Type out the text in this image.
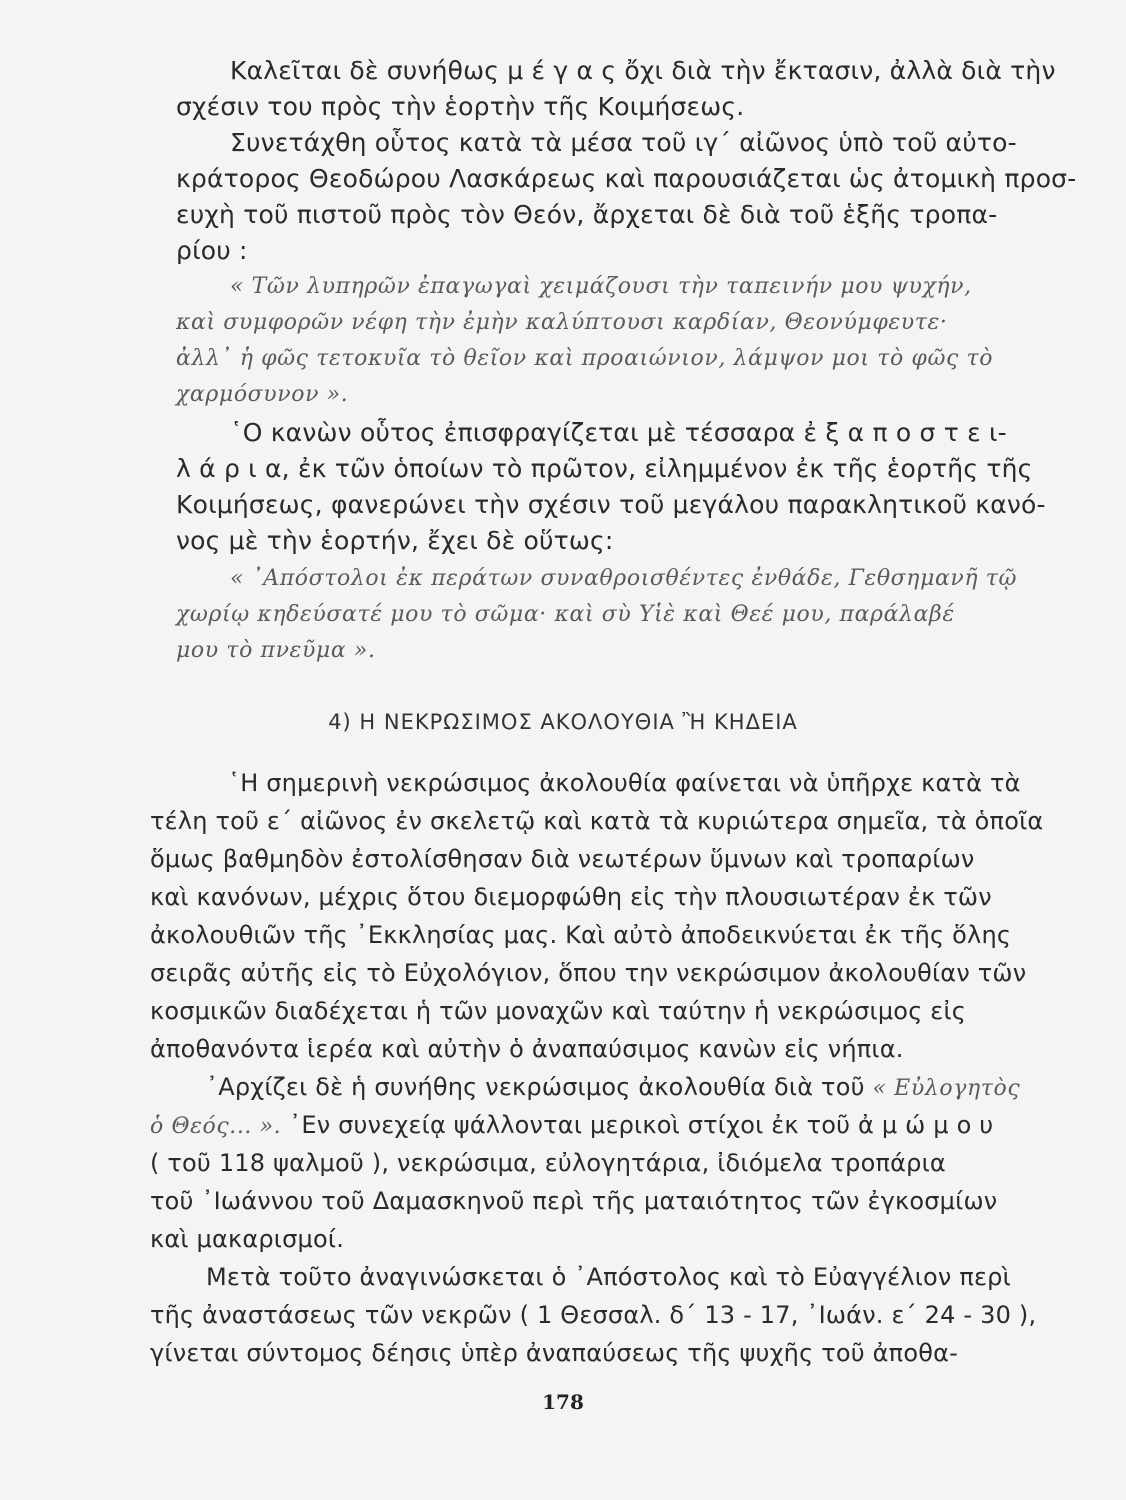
Καλεῖται δὲ συνήθως μ έ γ α ς ὄχι διὰ τὴν ἔκτασιν, ἀλλὰ διὰ τὴν
σχέσιν του πρὸς τὴν ἑορτὴν τῆς Κοιμήσεως.
Συνετάχθη οὗτος κατὰ τὰ μέσα τοῦ ιγ΄ αἰῶνος ὑπὸ τοῦ αὐτο-
κράτορος Θεοδώρου Λασκάρεως καὶ παρουσιάζεται ὡς ἀτομικὴ προσ-
ευχὴ τοῦ πιστοῦ πρὸς τὸν Θεόν, ἄρχεται δὲ διὰ τοῦ ἑξῆς τροπα-
ρίου :
« Τῶν λυπηρῶν ἐπαγωγαὶ χειμάζουσι τὴν ταπεινήν μου ψυχήν,
καὶ συμφορῶν νέφη τὴν ἐμὴν καλύπτουσι καρδίαν, Θεονύμφευτε·
ἀλλ᾽ ἡ φῶς τετοκυῖα τὸ θεῖον καὶ προαιώνιον, λάμψον μοι τὸ φῶς τὸ
χαρμόσυνον ».
῾Ο κανὼν οὗτος ἐπισφραγίζεται μὲ τέσσαρα ἐ ξ α π ο σ τ ε ι-
λ ά ρ ι α, ἐκ τῶν ὁποίων τὸ πρῶτον, εἰλημμένον ἐκ τῆς ἑορτῆς τῆς
Κοιμήσεως, φανερώνει τὴν σχέσιν τοῦ μεγάλου παρακλητικοῦ κανό-
νος μὲ τὴν ἑορτήν, ἔχει δὲ οὕτως:
« ᾽Απόστολοι ἐκ περάτων συναθροισθέντες ἐνθάδε, Γεθσημανῆ τῷ
χωρίῳ κηδεύσατέ μου τὸ σῶμα· καὶ σὺ Υἱὲ καὶ Θεέ μου, παράλαβέ
μου τὸ πνεῦμα ».
4) Η ΝΕΚΡΩΣΙΜΟΣ ΑΚΟΛΟΥΘΙΑ Ἢ ΚΗΔΕΙΑ
῾Η σημερινὴ νεκρώσιμος ἀκολουθία φαίνεται νὰ ὑπῆρχε κατὰ τὰ
τέλη τοῦ ε΄ αἰῶνος ἐν σκελετῷ καὶ κατὰ τὰ κυριώτερα σημεῖα, τὰ ὁποῖα
ὅμως βαθμηδὸν ἐστολίσθησαν διὰ νεωτέρων ὕμνων καὶ τροπαρίων
καὶ κανόνων, μέχρις ὅτου διεμορφώθη εἰς τὴν πλουσιωτέραν ἐκ τῶν
ἀκολουθιῶν τῆς ᾽Εκκλησίας μας. Καὶ αὐτὸ ἀποδεικνύεται ἐκ τῆς ὅλης
σειρᾶς αὐτῆς εἰς τὸ Εὐχολόγιον, ὅπου την νεκρώσιμον ἀκολουθίαν τῶν
κοσμικῶν διαδέχεται ἡ τῶν μοναχῶν καὶ ταύτην ἡ νεκρώσιμος εἰς
ἀποθανόντα ἱερέα καὶ αὐτὴν ὁ ἀναπαύσιμος κανὼν εἰς νήπια.
᾽Αρχίζει δὲ ἡ συνήθης νεκρώσιμος ἀκολουθία διὰ τοῦ « Εὐλογητὸς
ὁ Θεός... ». ᾽Εν συνεχείᾳ ψάλλονται μερικοὶ στίχοι ἐκ τοῦ ἀ μ ώ μ ο υ
( τοῦ 118 ψαλμοῦ ), νεκρώσιμα, εὐλογητάρια, ἰδιόμελα τροπάρια
τοῦ ᾽Ιωάννου τοῦ Δαμασκηνοῦ περὶ τῆς ματαιότητος τῶν ἐγκοσμίων
καὶ μακαρισμοί.
Μετὰ τοῦτο ἀναγινώσκεται ὁ ᾽Απόστολος καὶ τὸ Εὐαγγέλιον περὶ
τῆς ἀναστάσεως τῶν νεκρῶν ( 1 Θεσσαλ. δ΄ 13 - 17, ᾽Ιωάν. ε΄ 24 - 30 ),
γίνεται σύντομος δέησις ὑπὲρ ἀναπαύσεως τῆς ψυχῆς τοῦ ἀποθα-
178
